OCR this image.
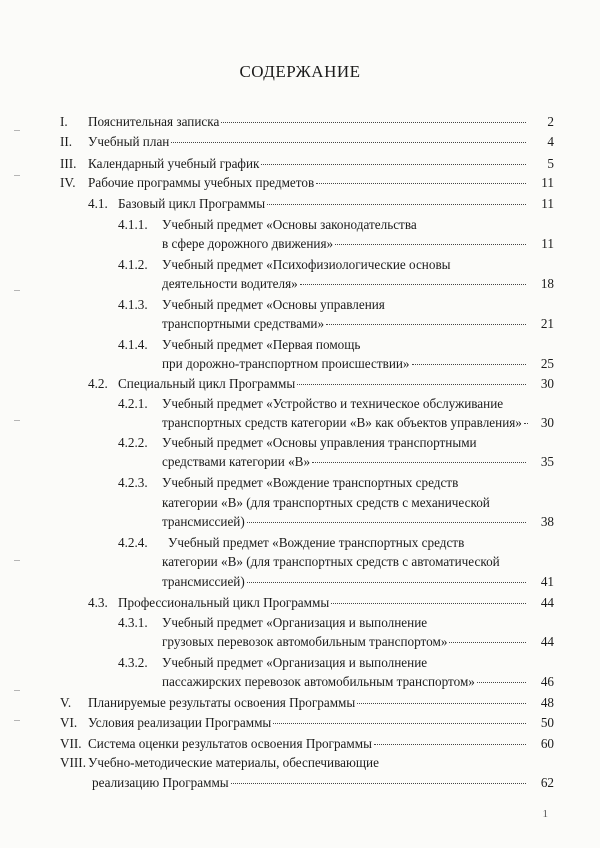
СОДЕРЖАНИЕ
I. Пояснительная записка	2
II. Учебный план	4
III. Календарный учебный график	5
IV. Рабочие программы учебных предметов	11
4.1. Базовый цикл Программы	11
4.1.1. Учебный предмет «Основы законодательства
в сфере дорожного движения»	11
4.1.2. Учебный предмет «Психофизиологические основы
деятельности водителя»	18
4.1.3. Учебный предмет «Основы управления
транспортными средствами»	21
4.1.4. Учебный предмет «Первая помощь
при дорожно-транспортном происшествии»	25
4.2. Специальный цикл Программы	30
4.2.1. Учебный предмет «Устройство и техническое обслуживание
транспортных средств категории «B» как объектов управления»	30
4.2.2. Учебный предмет «Основы управления транспортными
средствами категории «B»	35
4.2.3. Учебный предмет «Вождение транспортных средств
категории «B» (для транспортных средств с механической
трансмиссией)	38
4.2.4. Учебный предмет «Вождение транспортных средств
категории «B» (для транспортных средств с автоматической
трансмиссией)	41
4.3. Профессиональный цикл Программы	44
4.3.1. Учебный предмет «Организация и выполнение
грузовых перевозок автомобильным транспортом»	44
4.3.2. Учебный предмет «Организация и выполнение
пассажирских перевозок автомобильным транспортом»	46
V. Планируемые результаты освоения Программы	48
VI. Условия реализации Программы	50
VII. Система оценки результатов освоения Программы	60
VIII. Учебно-методические материалы, обеспечивающие
реализацию Программы	62
1
